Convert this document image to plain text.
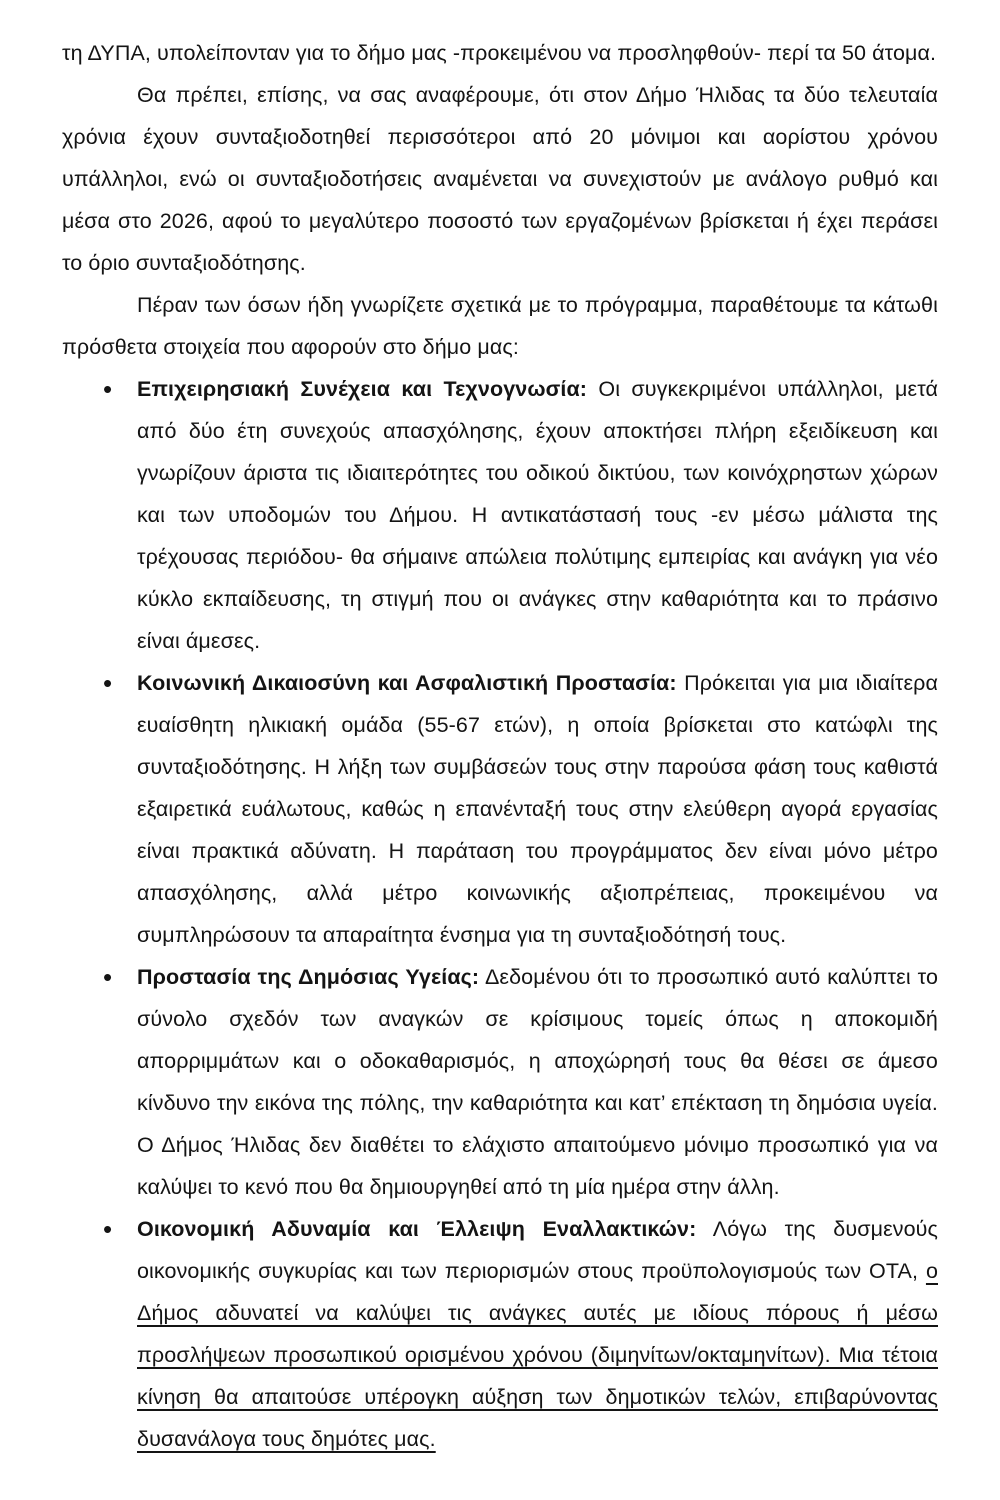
τη ΔΥΠΑ, υπολείπονταν για το δήμο μας -προκειμένου να προσληφθούν- περί τα 50 άτομα.

Θα πρέπει, επίσης, να σας αναφέρουμε, ότι στον Δήμο Ήλιδας τα δύο τελευταία χρόνια έχουν συνταξιοδοτηθεί περισσότεροι από 20 μόνιμοι και αορίστου χρόνου υπάλληλοι, ενώ οι συνταξιοδοτήσεις αναμένεται να συνεχιστούν με ανάλογο ρυθμό και μέσα στο 2026, αφού το μεγαλύτερο ποσοστό των εργαζομένων βρίσκεται ή έχει περάσει το όριο συνταξιοδότησης.

Πέραν των όσων ήδη γνωρίζετε σχετικά με το πρόγραμμα, παραθέτουμε τα κάτωθι πρόσθετα στοιχεία που αφορούν στο δήμο μας:

• Επιχειρησιακή Συνέχεια και Τεχνογνωσία: Οι συγκεκριμένοι υπάλληλοι, μετά από δύο έτη συνεχούς απασχόλησης, έχουν αποκτήσει πλήρη εξειδίκευση και γνωρίζουν άριστα τις ιδιαιτερότητες του οδικού δικτύου, των κοινόχρηστων χώρων και των υποδομών του Δήμου. Η αντικατάστασή τους -εν μέσω μάλιστα της τρέχουσας περιόδου- θα σήμαινε απώλεια πολύτιμης εμπειρίας και ανάγκη για νέο κύκλο εκπαίδευσης, τη στιγμή που οι ανάγκες στην καθαριότητα και το πράσινο είναι άμεσες.
• Κοινωνική Δικαιοσύνη και Ασφαλιστική Προστασία: Πρόκειται για μια ιδιαίτερα ευαίσθητη ηλικιακή ομάδα (55-67 ετών), η οποία βρίσκεται στο κατώφλι της συνταξιοδότησης. Η λήξη των συμβάσεών τους στην παρούσα φάση τους καθιστά εξαιρετικά ευάλωτους, καθώς η επανένταξή τους στην ελεύθερη αγορά εργασίας είναι πρακτικά αδύνατη. Η παράταση του προγράμματος δεν είναι μόνο μέτρο απασχόλησης, αλλά μέτρο κοινωνικής αξιοπρέπειας, προκειμένου να συμπληρώσουν τα απαραίτητα ένσημα για τη συνταξιοδότησή τους.
• Προστασία της Δημόσιας Υγείας: Δεδομένου ότι το προσωπικό αυτό καλύπτει το σύνολο σχεδόν των αναγκών σε κρίσιμους τομείς όπως η αποκομιδή απορριμμάτων και ο οδοκαθαρισμός, η αποχώρησή τους θα θέσει σε άμεσο κίνδυνο την εικόνα της πόλης, την καθαριότητα και κατ’ επέκταση τη δημόσια υγεία. Ο Δήμος Ήλιδας δεν διαθέτει το ελάχιστο απαιτούμενο μόνιμο προσωπικό για να καλύψει το κενό που θα δημιουργηθεί από τη μία ημέρα στην άλλη.
• Οικονομική Αδυναμία και Έλλειψη Εναλλακτικών: Λόγω της δυσμενούς οικονομικής συγκυρίας και των περιορισμών στους προϋπολογισμούς των ΟΤΑ, ο Δήμος αδυνατεί να καλύψει τις ανάγκες αυτές με ιδίους πόρους ή μέσω προσλήψεων προσωπικού ορισμένου χρόνου (διμηνίτων/οκταμηνίτων). Μια τέτοια κίνηση θα απαιτούσε υπέρογκη αύξηση των δημοτικών τελών, επιβαρύνοντας δυσανάλογα τους δημότες μας.
